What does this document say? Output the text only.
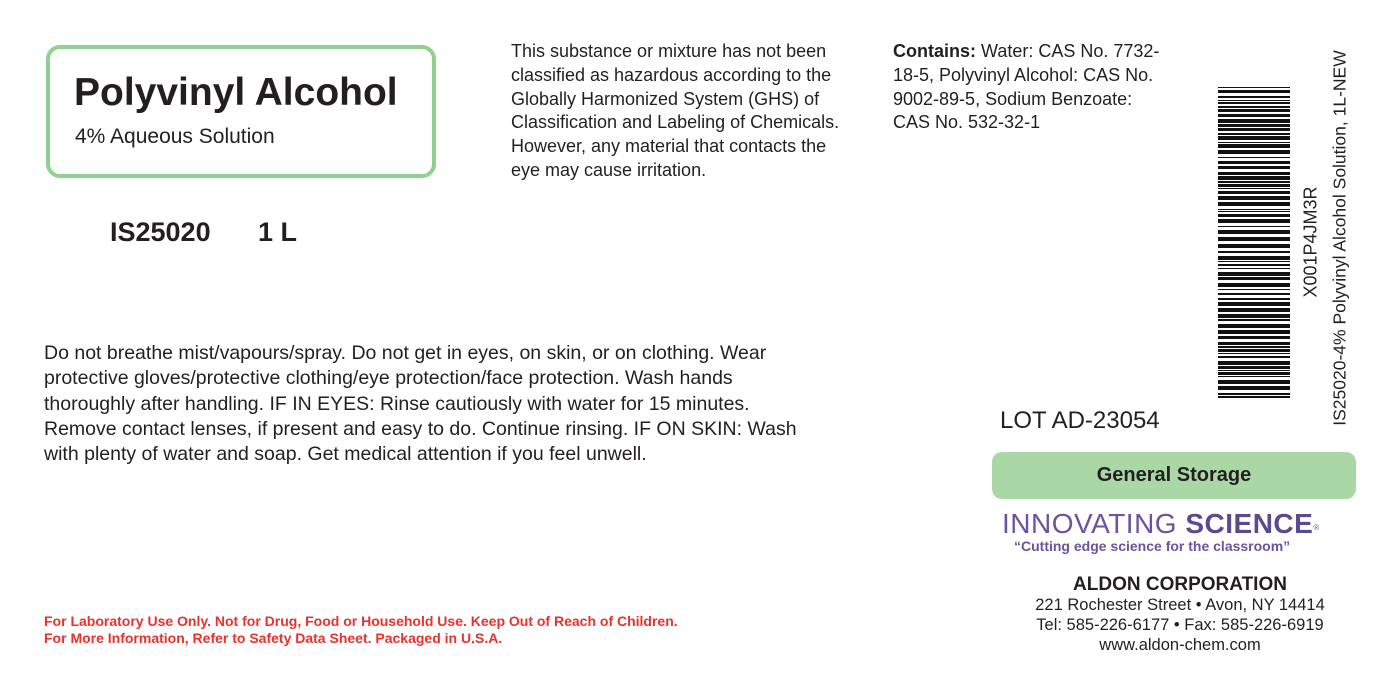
Polyvinyl Alcohol
4% Aqueous Solution
IS25020 1 L

This substance or mixture has not been classified as hazardous according to the Globally Harmonized System (GHS) of Classification and Labeling of Chemicals. However, any material that contacts the eye may cause irritation.

Contains: Water: CAS No. 7732-18-5, Polyvinyl Alcohol: CAS No. 9002-89-5, Sodium Benzoate: CAS No. 532-32-1

Do not breathe mist/vapours/spray. Do not get in eyes, on skin, or on clothing. Wear protective gloves/protective clothing/eye protection/face protection. Wash hands thoroughly after handling. IF IN EYES: Rinse cautiously with water for 15 minutes. Remove contact lenses, if present and easy to do. Continue rinsing. IF ON SKIN: Wash with plenty of water and soap. Get medical attention if you feel unwell.

For Laboratory Use Only. Not for Drug, Food or Household Use. Keep Out of Reach of Children.
For More Information, Refer to Safety Data Sheet. Packaged in U.S.A.
X001P4JM3R IS25020-4% Polyvinyl Alcohol Solution, 1L-NEW
LOT AD-23054
General Storage
INNOVATING SCIENCE®
“Cutting edge science for the classroom”
ALDON CORPORATION
221 Rochester Street • Avon, NY 14414
Tel: 585-226-6177 • Fax: 585-226-6919
www.aldon-chem.com
